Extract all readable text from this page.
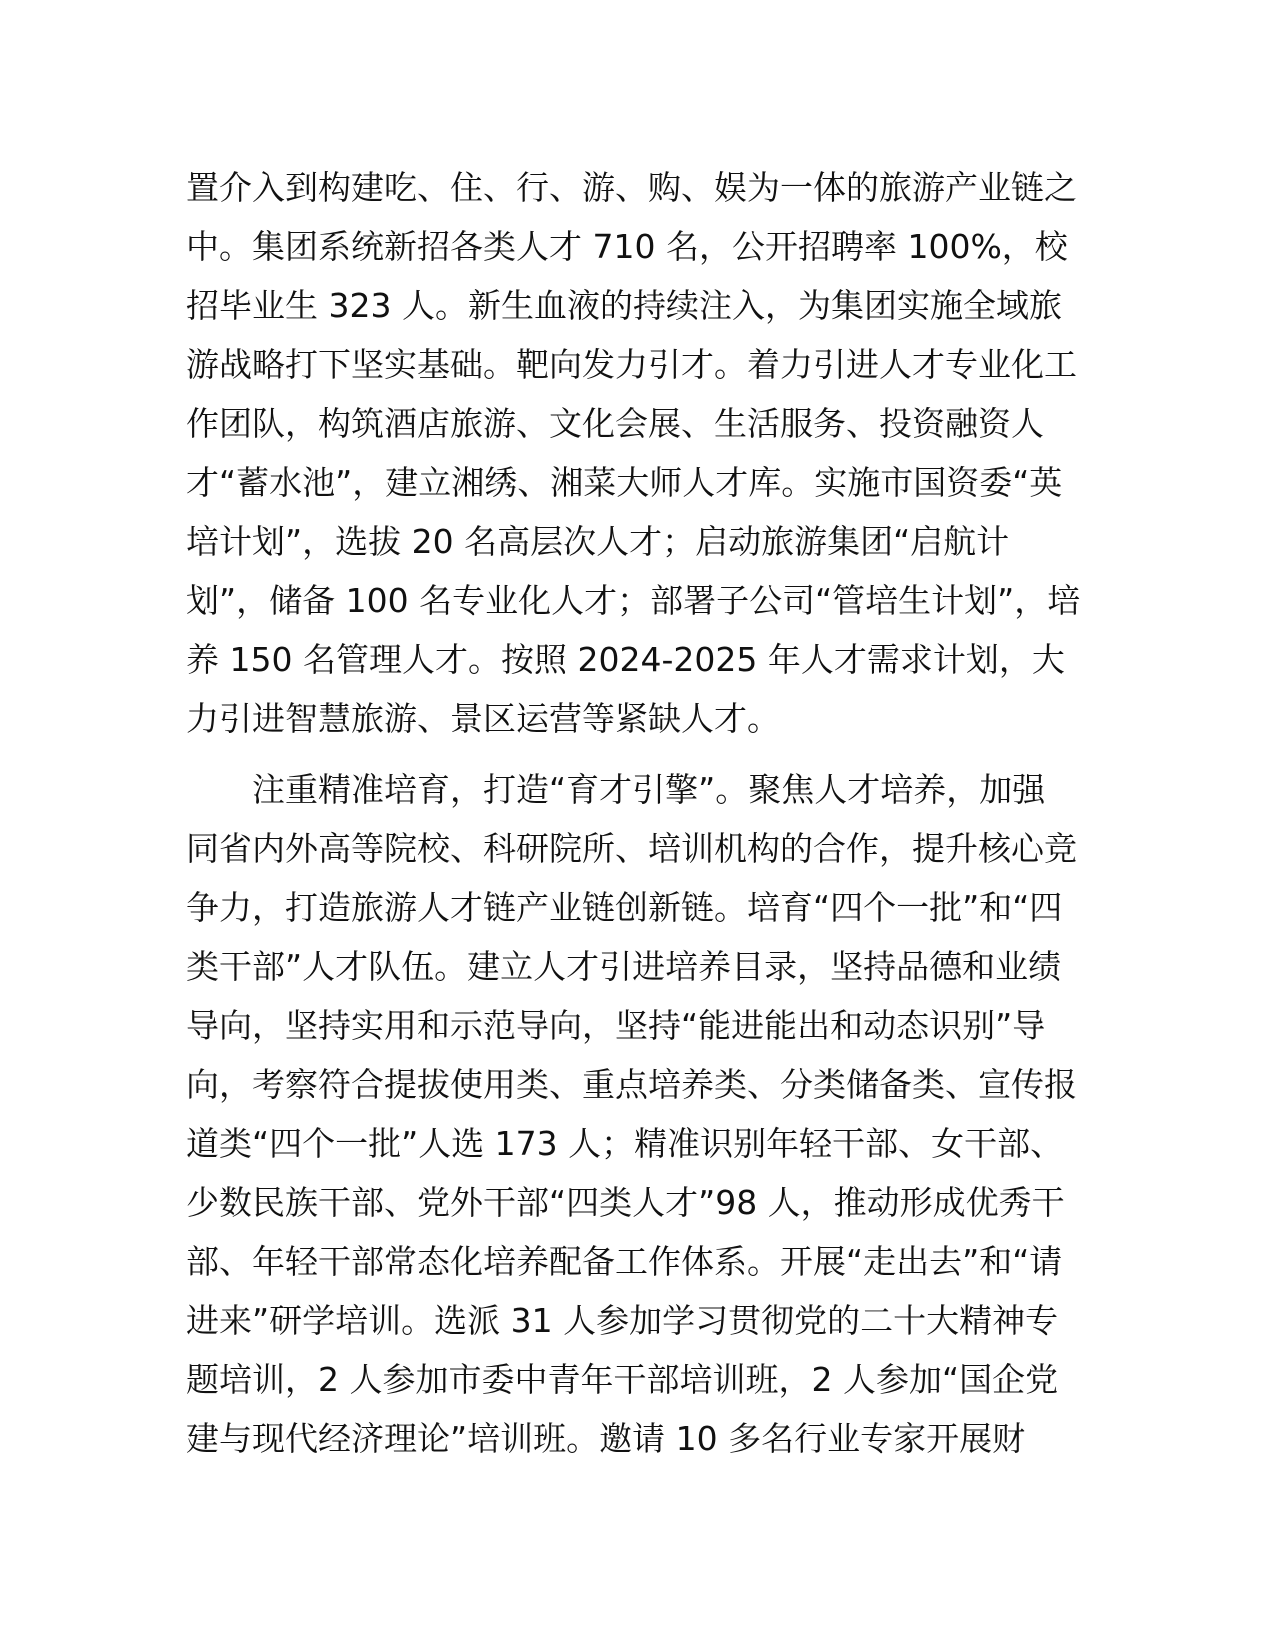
置介入到构建吃、住、行、游、购、娱为一体的旅游产业链之
中。集团系统新招各类人才 710 名，公开招聘率 100%，校
招毕业生 323 人。新生血液的持续注入，为集团实施全域旅
游战略打下坚实基础。靶向发力引才。着力引进人才专业化工
作团队，构筑酒店旅游、文化会展、生活服务、投资融资人
才“蓄水池”，建立湘绣、湘菜大师人才库。实施市国资委“英
培计划”，选拔 20 名高层次人才；启动旅游集团“启航计
划”，储备 100 名专业化人才；部署子公司“管培生计划”，培
养 150 名管理人才。按照 2024-2025 年人才需求计划，大
力引进智慧旅游、景区运营等紧缺人才。

注重精准培育，打造“育才引擎”。聚焦人才培养，加强
同省内外高等院校、科研院所、培训机构的合作，提升核心竞
争力，打造旅游人才链产业链创新链。培育“四个一批”和“四
类干部”人才队伍。建立人才引进培养目录，坚持品德和业绩
导向，坚持实用和示范导向，坚持“能进能出和动态识别”导
向，考察符合提拔使用类、重点培养类、分类储备类、宣传报
道类“四个一批”人选 173 人；精准识别年轻干部、女干部、
少数民族干部、党外干部“四类人才”98 人，推动形成优秀干
部、年轻干部常态化培养配备工作体系。开展“走出去”和“请
进来”研学培训。选派 31 人参加学习贯彻党的二十大精神专
题培训，2 人参加市委中青年干部培训班，2 人参加“国企党
建与现代经济理论”培训班。邀请 10 多名行业专家开展财
